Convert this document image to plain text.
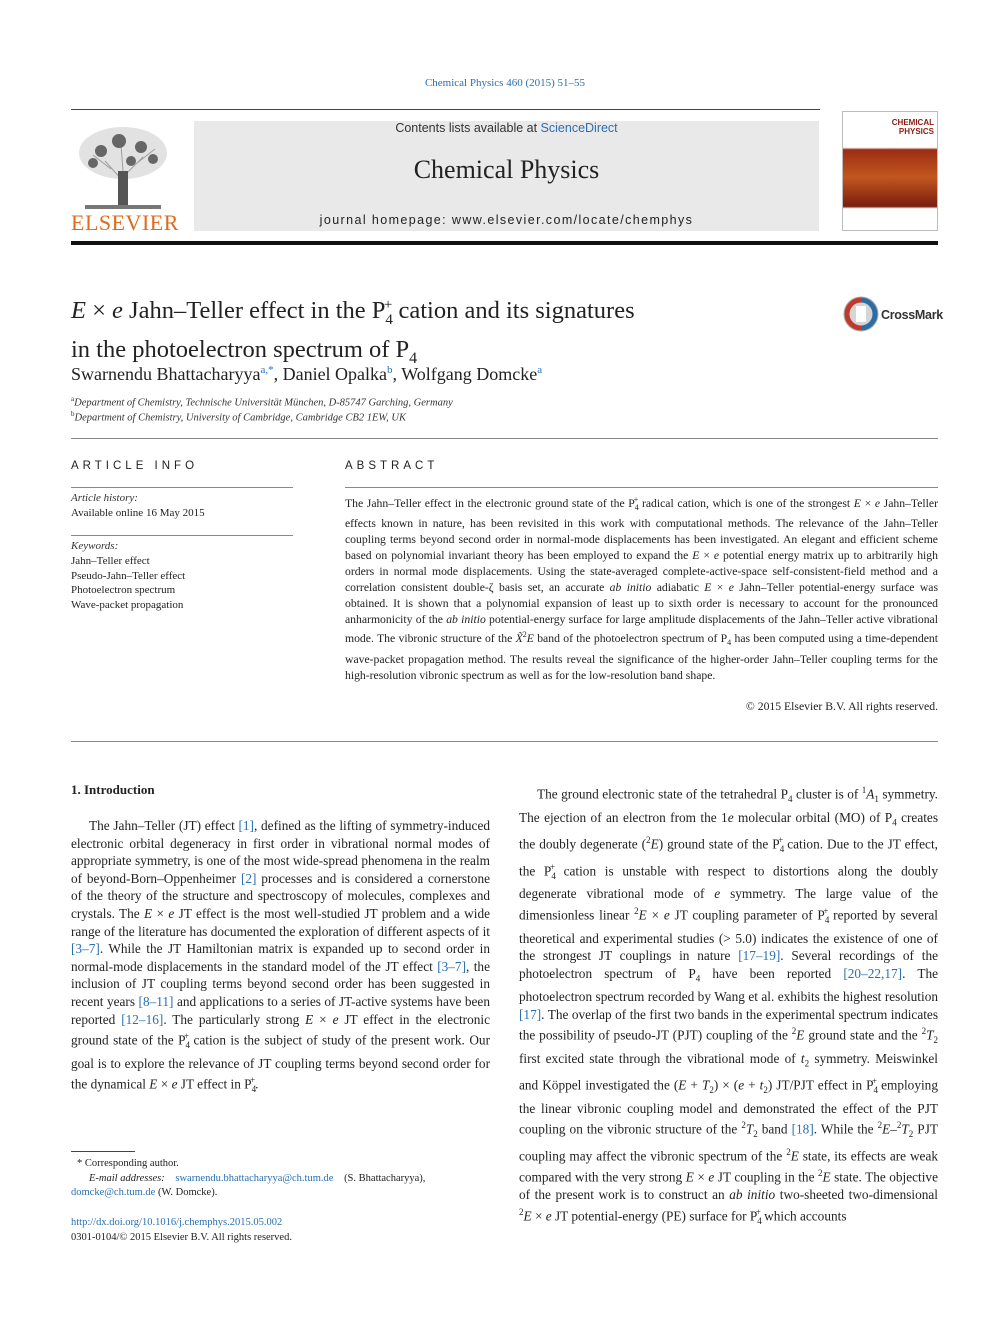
Chemical Physics 460 (2015) 51–55
ELSEVIER
Contents lists available at ScienceDirect
Chemical Physics
journal homepage: www.elsevier.com/locate/chemphys
CHEMICAL
PHYSICS
E × e Jahn–Teller effect in the $P_4^+$ cation and its signatures
in the photoelectron spectrum of $P_4$
CrossMark
Swarnendu Bhattacharyya$^{a,*}$, Daniel Opalka$^b$, Wolfgang Domcke$^a$
$^a$Department of Chemistry, Technische Universität München, D-85747 Garching, Germany
$^b$Department of Chemistry, University of Cambridge, Cambridge CB2 1EW, UK
ARTICLE INFO
Article history:
Available online 16 May 2015
Keywords:
Jahn–Teller effect
Pseudo-Jahn–Teller effect
Photoelectron spectrum
Wave-packet propagation
ABSTRACT
The Jahn–Teller effect in the electronic ground state of the $P_4^+$ radical cation, which is one of the strongest E × e Jahn–Teller effects known in nature, has been revisited in this work with computational methods. The relevance of the Jahn–Teller coupling terms beyond second order in normal-mode displacements has been investigated. An elegant and efficient scheme based on polynomial invariant theory has been employed to expand the E × e potential energy matrix up to arbitrarily high orders in normal mode displacements. Using the state-averaged complete-active-space self-consistent-field method and a correlation consistent double-ζ basis set, an accurate ab initio adiabatic E × e Jahn–Teller potential-energy surface was obtained. It is shown that a polynomial expansion of least up to sixth order is necessary to account for the pronounced anharmonicity of the ab initio potential-energy surface for large amplitude displacements of the Jahn–Teller active vibrational mode. The vibronic structure of the X̃$^2$E band of the photoelectron spectrum of $P_4$ has been computed using a time-dependent wave-packet propagation method. The results reveal the significance of the higher-order Jahn–Teller coupling terms for the high-resolution vibronic spectrum as well as for the low-resolution band shape.
© 2015 Elsevier B.V. All rights reserved.
1. Introduction

The Jahn–Teller (JT) effect [1], defined as the lifting of symmetry-induced electronic orbital degeneracy in first order in vibrational normal modes of appropriate symmetry, is one of the most wide-spread phenomena in the realm of beyond-Born–Oppenheimer [2] processes and is considered a cornerstone of the theory of the structure and spectroscopy of molecules, complexes and crystals. The E × e JT effect is the most well-studied JT problem and a wide range of the literature has documented the exploration of different aspects of it [3–7]. While the JT Hamiltonian matrix is expanded up to second order in normal-mode displacements in the standard model of the JT effect [3–7], the inclusion of JT coupling terms beyond second order has been suggested in recent years [8–11] and applications to a series of JT-active systems have been reported [12–16]. The particularly strong E × e JT effect in the electronic ground state of the $P_4^+$ cation is the subject of study of the present work. Our goal is to explore the relevance of JT coupling terms beyond second order for the dynamical E × e JT effect in $P_4^+$.

* Corresponding author.
E-mail addresses: swarnendu.bhattacharyya@ch.tum.de (S. Bhattacharyya),
domcke@ch.tum.de (W. Domcke).
http://dx.doi.org/10.1016/j.chemphys.2015.05.002
0301-0104/© 2015 Elsevier B.V. All rights reserved.

The ground electronic state of the tetrahedral $P_4$ cluster is of $^1A_1$ symmetry. The ejection of an electron from the 1e molecular orbital (MO) of $P_4$ creates the doubly degenerate ($^2$E) ground state of the $P_4^+$ cation. Due to the JT effect, the $P_4^+$ cation is unstable with respect to distortions along the doubly degenerate vibrational mode of e symmetry. The large value of the dimensionless linear $^2$E × e JT coupling parameter of $P_4^+$ reported by several theoretical and experimental studies (> 5.0) indicates the existence of one of the strongest JT couplings in nature [17–19]. Several recordings of the photoelectron spectrum of $P_4$ have been reported [20–22,17]. The photoelectron spectrum recorded by Wang et al. exhibits the highest resolution [17]. The overlap of the first two bands in the experimental spectrum indicates the possibility of pseudo-JT (PJT) coupling of the $^2$E ground state and the $^2T_2$ first excited state through the vibrational mode of $t_2$ symmetry. Meiswinkel and Köppel investigated the $(E + T_2) \times (e + t_2)$ JT/PJT effect in $P_4^+$ employing the linear vibronic coupling model and demonstrated the effect of the PJT coupling on the vibronic structure of the $^2T_2$ band [18]. While the $^2E-^2T_2$ PJT coupling may affect the vibronic spectrum of the $^2$E state, its effects are weak compared with the very strong E × e JT coupling in the $^2$E state. The objective of the present work is to construct an ab initio two-sheeted two-dimensional $^2$E × e JT potential-energy (PE) surface for $P_4^+$ which accounts
